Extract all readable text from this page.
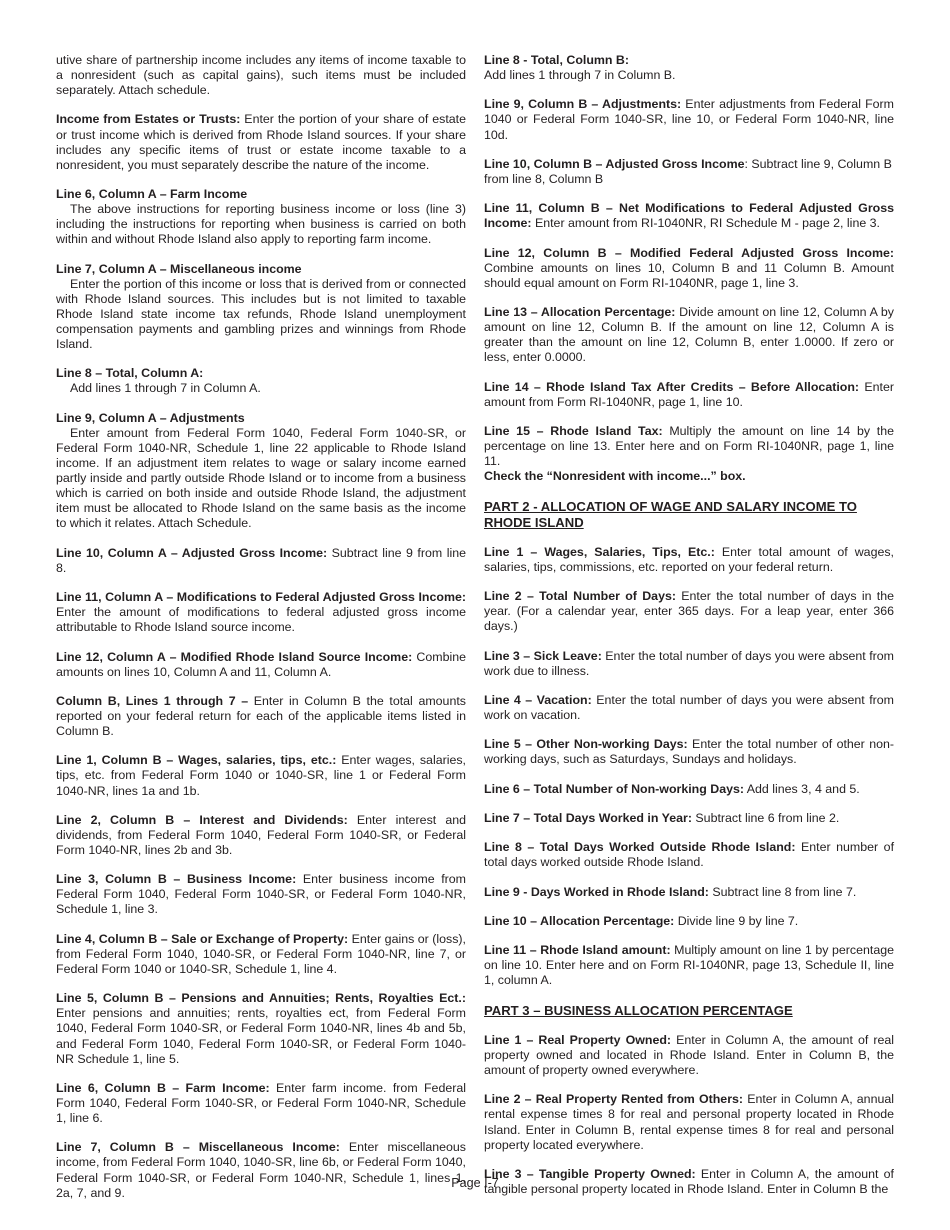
utive share of partnership income includes any items of income taxable to a nonresident (such as capital gains), such items must be included separately. Attach schedule.

Income from Estates or Trusts: Enter the portion of your share of estate or trust income which is derived from Rhode Island sources. If your share includes any specific items of trust or estate income taxable to a nonresident, you must separately describe the nature of the income.

Line 6, Column A – Farm Income
The above instructions for reporting business income or loss (line 3) including the instructions for reporting when business is carried on both within and without Rhode Island also apply to reporting farm income.

Line 7, Column A – Miscellaneous income
Enter the portion of this income or loss that is derived from or connected with Rhode Island sources. This includes but is not limited to taxable Rhode Island state income tax refunds, Rhode Island unemployment compensation payments and gambling prizes and winnings from Rhode Island.

Line 8 – Total, Column A:
Add lines 1 through 7 in Column A.

Line 9, Column A – Adjustments
Enter amount from Federal Form 1040, Federal Form 1040-SR, or Federal Form 1040-NR, Schedule 1, line 22 applicable to Rhode Island income. If an adjustment item relates to wage or salary income earned partly inside and partly outside Rhode Island or to income from a business which is carried on both inside and outside Rhode Island, the adjustment item must be allocated to Rhode Island on the same basis as the income to which it relates. Attach Schedule.

Line 10, Column A – Adjusted Gross Income: Subtract line 9 from line 8.

Line 11, Column A – Modifications to Federal Adjusted Gross Income: Enter the amount of modifications to federal adjusted gross income attributable to Rhode Island source income.

Line 12, Column A – Modified Rhode Island Source Income: Combine amounts on lines 10, Column A and 11, Column A.

Column B, Lines 1 through 7 – Enter in Column B the total amounts reported on your federal return for each of the applicable items listed in Column B.

Line 1, Column B – Wages, salaries, tips, etc.: Enter wages, salaries, tips, etc. from Federal Form 1040 or 1040-SR, line 1 or Federal Form 1040-NR, lines 1a and 1b.

Line 2, Column B – Interest and Dividends: Enter interest and dividends, from Federal Form 1040, Federal Form 1040-SR, or Federal Form 1040-NR, lines 2b and 3b.

Line 3, Column B – Business Income: Enter business income from Federal Form 1040, Federal Form 1040-SR, or Federal Form 1040-NR, Schedule 1, line 3.

Line 4, Column B – Sale or Exchange of Property: Enter gains or (loss), from Federal Form 1040, 1040-SR, or Federal Form 1040-NR, line 7, or Federal Form 1040 or 1040-SR, Schedule 1, line 4.

Line 5, Column B – Pensions and Annuities; Rents, Royalties Ect.: Enter pensions and annuities; rents, royalties ect, from Federal Form 1040, Federal Form 1040-SR, or Federal Form 1040-NR, lines 4b and 5b, and Federal Form 1040, Federal Form 1040-SR, or Federal Form 1040-NR Schedule 1, line 5.

Line 6, Column B – Farm Income: Enter farm income. from Federal Form 1040, Federal Form 1040-SR, or Federal Form 1040-NR, Schedule 1, line 6.

Line 7, Column B – Miscellaneous Income: Enter miscellaneous income, from Federal Form 1040, 1040-SR, line 6b, or Federal Form 1040, Federal Form 1040-SR, or Federal Form 1040-NR, Schedule 1, lines 1, 2a, 7, and 9.

Line 8 - Total, Column B:
Add lines 1 through 7 in Column B.

Line 9, Column B – Adjustments: Enter adjustments from Federal Form 1040 or Federal Form 1040-SR, line 10, or Federal Form 1040-NR, line 10d.

Line 10, Column B – Adjusted Gross Income: Subtract line 9, Column B from line 8, Column B

Line 11, Column B – Net Modifications to Federal Adjusted Gross Income: Enter amount from RI-1040NR, RI Schedule M - page 2, line 3.

Line 12, Column B – Modified Federal Adjusted Gross Income: Combine amounts on lines 10, Column B and 11 Column B. Amount should equal amount on Form RI-1040NR, page 1, line 3.

Line 13 – Allocation Percentage: Divide amount on line 12, Column A by amount on line 12, Column B. If the amount on line 12, Column A is greater than the amount on line 12, Column B, enter 1.0000. If zero or less, enter 0.0000.

Line 14 – Rhode Island Tax After Credits – Before Allocation: Enter amount from Form RI-1040NR, page 1, line 10.

Line 15 – Rhode Island Tax: Multiply the amount on line 14 by the percentage on line 13. Enter here and on Form RI-1040NR, page 1, line 11.
Check the “Nonresident with income...” box.

PART 2 - ALLOCATION OF WAGE AND SALARY INCOME TO RHODE ISLAND

Line 1 – Wages, Salaries, Tips, Etc.: Enter total amount of wages, salaries, tips, commissions, etc. reported on your federal return.

Line 2 – Total Number of Days: Enter the total number of days in the year. (For a calendar year, enter 365 days. For a leap year, enter 366 days.)

Line 3 – Sick Leave: Enter the total number of days you were absent from work due to illness.

Line 4 – Vacation: Enter the total number of days you were absent from work on vacation.

Line 5 – Other Non-working Days: Enter the total number of other non-working days, such as Saturdays, Sundays and holidays.

Line 6 – Total Number of Non-working Days: Add lines 3, 4 and 5.

Line 7 – Total Days Worked in Year: Subtract line 6 from line 2.

Line 8 – Total Days Worked Outside Rhode Island: Enter number of total days worked outside Rhode Island.

Line 9 - Days Worked in Rhode Island: Subtract line 8 from line 7.

Line 10 – Allocation Percentage: Divide line 9 by line 7.

Line 11 – Rhode Island amount: Multiply amount on line 1 by percentage on line 10. Enter here and on Form RI-1040NR, page 13, Schedule II, line 1, column A.

PART 3 – BUSINESS ALLOCATION PERCENTAGE

Line 1 – Real Property Owned: Enter in Column A, the amount of real property owned and located in Rhode Island. Enter in Column B, the amount of property owned everywhere.

Line 2 – Real Property Rented from Others: Enter in Column A, annual rental expense times 8 for real and personal property located in Rhode Island. Enter in Column B, rental expense times 8 for real and personal property located everywhere.

Line 3 – Tangible Property Owned: Enter in Column A, the amount of tangible personal property located in Rhode Island. Enter in Column B the

Page I-7
